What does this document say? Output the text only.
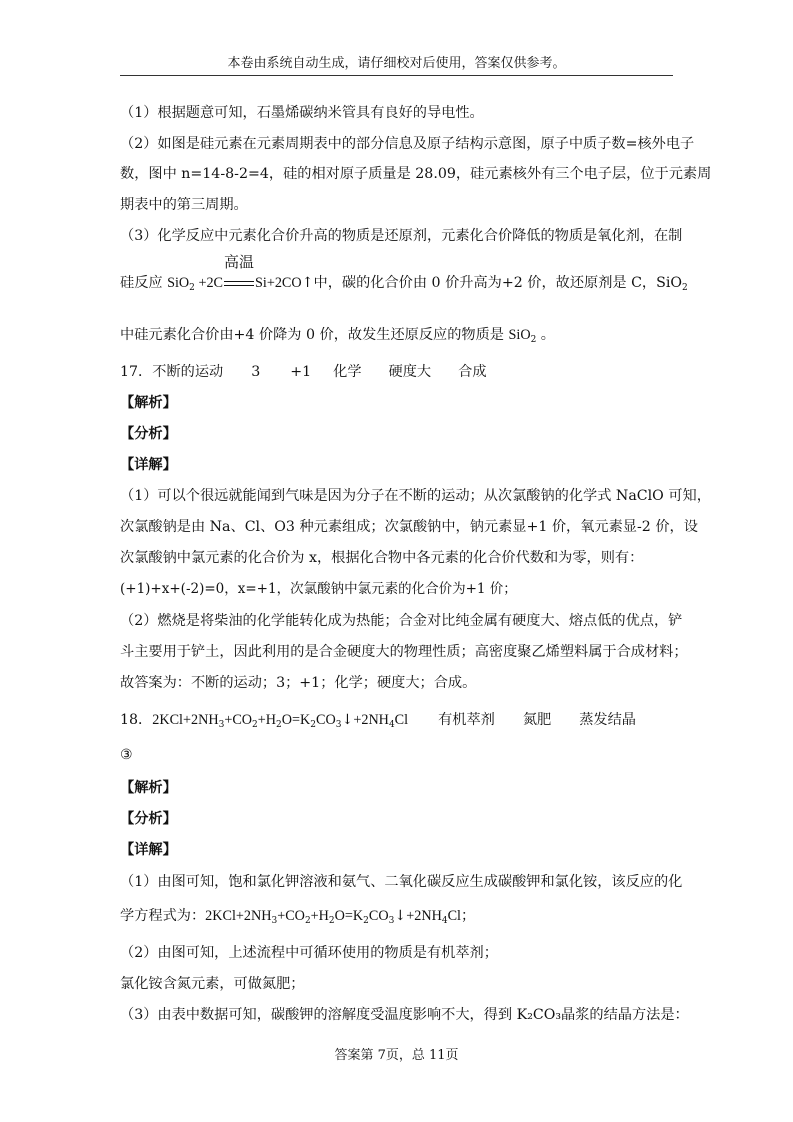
本卷由系统自动生成，请仔细校对后使用，答案仅供参考。
（1）根据题意可知，石墨烯碳纳米管具有良好的导电性。
（2）如图是硅元素在元素周期表中的部分信息及原子结构示意图，原子中质子数=核外电子
数，图中 n=14-8-2=4，硅的相对原子质量是 28.09，硅元素核外有三个电子层，位于元素周
期表中的第三周期。
（3）化学反应中元素化合价升高的物质是还原剂，元素化合价降低的物质是氧化剂，在制
硅反应 SiO$_2$ +2C
高温
Si+2CO↑中，碳的化合价由 0 价升高为+2 价，故还原剂是 C，SiO$_2$
中硅元素化合价由+4 价降为 0 价，故发生还原反应的物质是 SiO$_2$ 。
17．不断的运动 3 +1 化学 硬度大 合成
【解析】
【分析】
【详解】
（1）可以个很远就能闻到气味是因为分子在不断的运动；从次氯酸钠的化学式 NaClO 可知，
次氯酸钠是由 Na、Cl、O3 种元素组成；次氯酸钠中，钠元素显+1 价，氧元素显-2 价，设
次氯酸钠中氯元素的化合价为 x，根据化合物中各元素的化合价代数和为零，则有：
(+1)+x+(-2)=0，x=+1，次氯酸钠中氯元素的化合价为+1 价；
（2）燃烧是将柴油的化学能转化成为热能；合金对比纯金属有硬度大、熔点低的优点，铲
斗主要用于铲土，因此利用的是合金硬度大的物理性质；高密度聚乙烯塑料属于合成材料；
故答案为：不断的运动；3；+1；化学；硬度大；合成。
18．$2KCl+2NH_3+CO_2+H_2O=K_2CO_3↓+2NH_4Cl$ 有机萃剂 氮肥 蒸发结晶
③
【解析】
【分析】
【详解】
（1）由图可知，饱和氯化钾溶液和氨气、二氧化碳反应生成碳酸钾和氯化铵，该反应的化
学方程式为：$2KCl+2NH_3+CO_2+H_2O=K_2CO_3↓+2NH_4Cl$；
（2）由图可知，上述流程中可循环使用的物质是有机萃剂；
氯化铵含氮元素，可做氮肥；
（3）由表中数据可知，碳酸钾的溶解度受温度影响不大，得到 K₂CO₃晶浆的结晶方法是：
答案第 7页，总 11页
